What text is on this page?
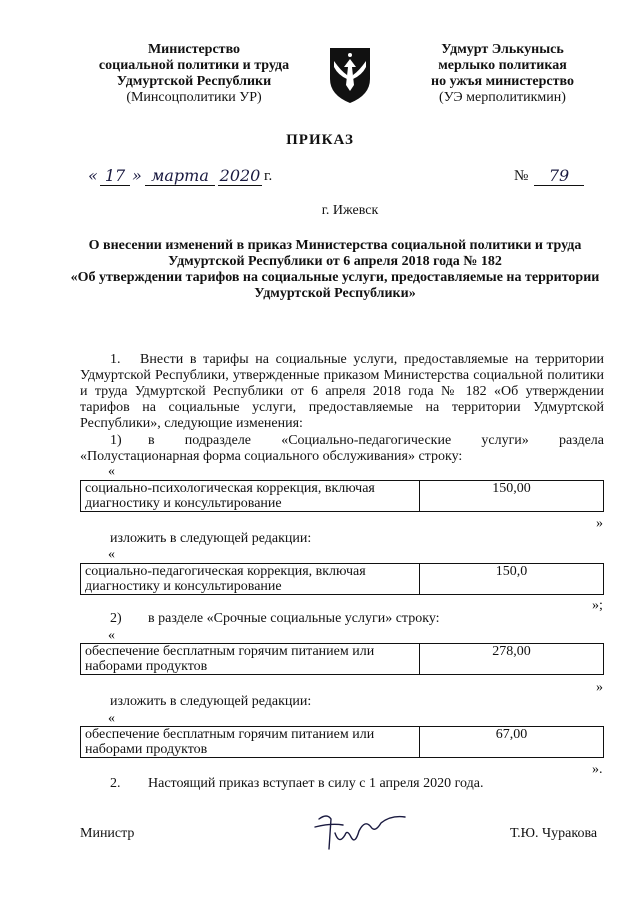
Министерство
социальной политики и труда
Удмуртской Республики
(Минсоцполитики УР)
Удмурт Элькунысь
мерлыко политикая
но ужъя министерство
(УЭ мерполитикмин)
ПРИКАЗ
« 17 » марта 2020 г.	№	79
г. Ижевск
О внесении изменений в приказ Министерства социальной политики и труда
Удмуртской Республики от 6 апреля 2018 года № 182
«Об утверждении тарифов на социальные услуги, предоставляемые на территории
Удмуртской Республики»
1. Внести в тарифы на социальные услуги, предоставляемые на территории
Удмуртской Республики, утвержденные приказом Министерства социальной политики
и труда Удмуртской Республики от 6 апреля 2018 года № 182 «Об утверждении
тарифов на социальные услуги, предоставляемые на территории Удмуртской
Республики», следующие изменения:
1)	в подразделе «Социально-педагогические услуги» раздела
«Полустационарная форма социального обслуживания» строку:
«
социально-психологическая коррекция, включая
диагностику и консультирование
	150,00
»
изложить в следующей редакции:
«
социально-педагогическая коррекция, включая
диагностику и консультирование
	150,0
»;
2) в разделе «Срочные социальные услуги» строку:
«
обеспечение бесплатным горячим питанием или
наборами продуктов
	278,00
»
изложить в следующей редакции:
«
обеспечение бесплатным горячим питанием или
наборами продуктов
	67,00
».
2. Настоящий приказ вступает в силу с 1 апреля 2020 года.
Министр	Т.Ю. Чуракова
